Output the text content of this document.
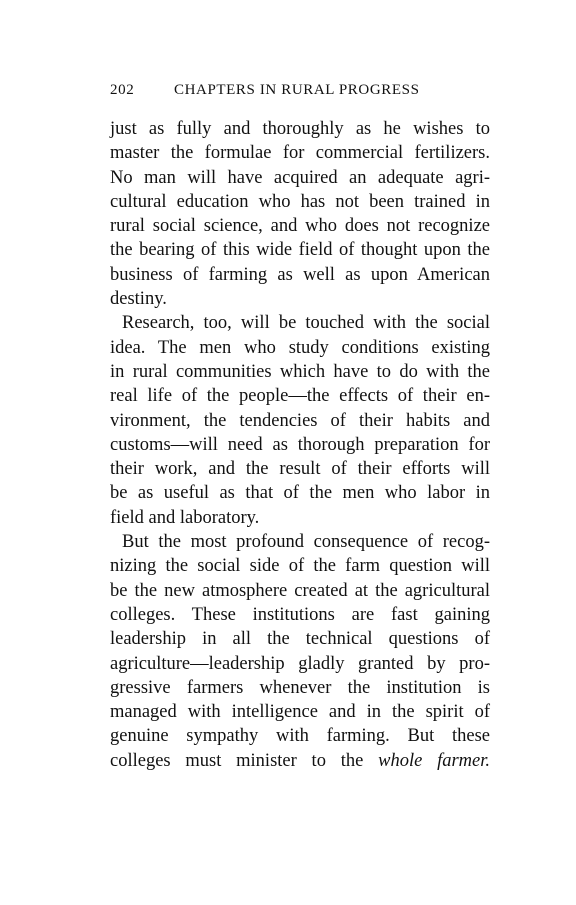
202	CHAPTERS IN RURAL PROGRESS
just as fully and thoroughly as he wishes to
master the formulae for commercial fertilizers.
No man will have acquired an adequate agri-
cultural education who has not been trained in
rural social science, and who does not recognize
the bearing of this wide field of thought upon the
business of farming as well as upon American
destiny.
Research, too, will be touched with the social
idea. The men who study conditions existing
in rural communities which have to do with the
real life of the people—the effects of their en-
vironment, the tendencies of their habits and
customs—will need as thorough preparation for
their work, and the result of their efforts will
be as useful as that of the men who labor in
field and laboratory.
But the most profound consequence of recog-
nizing the social side of the farm question will
be the new atmosphere created at the agricultural
colleges. These institutions are fast gaining
leadership in all the technical questions of
agriculture—leadership gladly granted by pro-
gressive farmers whenever the institution is
managed with intelligence and in the spirit of
genuine sympathy with farming. But these
colleges must minister to the whole farmer.
